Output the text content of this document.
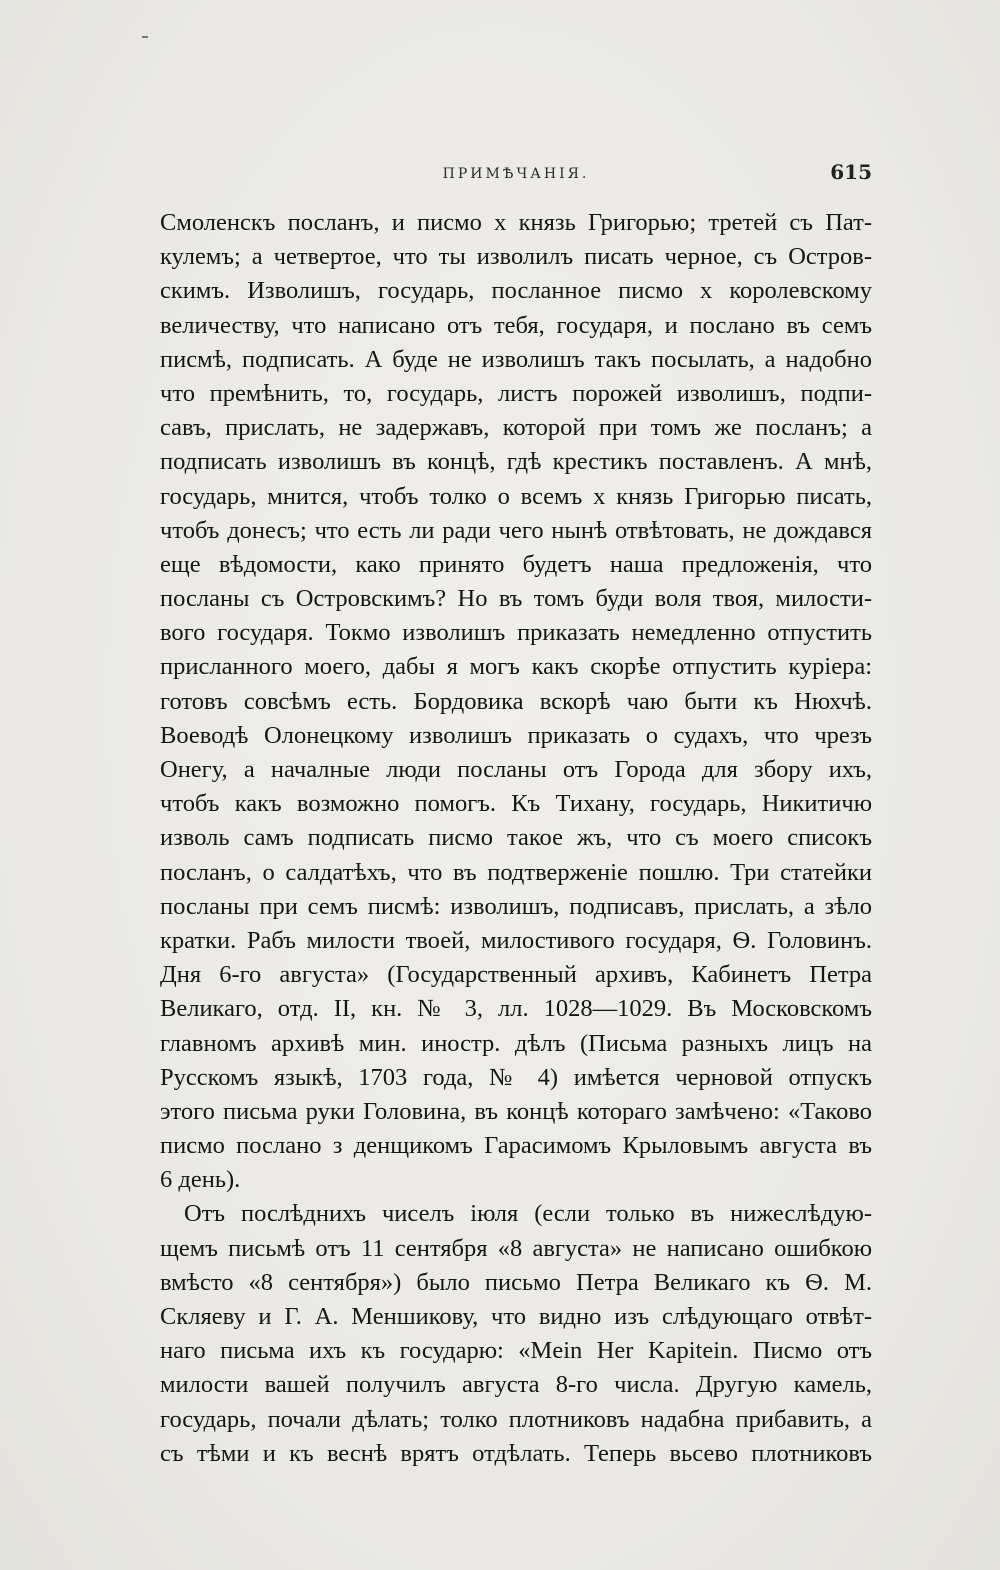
ПРИМѢЧАНІЯ.	615
Смоленскъ посланъ, и писмо х князь Григорью; третей съ Пат-
кулемъ; а четвертое, что ты изволилъ писать черное, съ Остров-
скимъ. Изволишъ, государь, посланное писмо х королевскому
величеству, что написано отъ тебя, государя, и послано въ семъ
писмѣ, подписать. А буде не изволишъ такъ посылать, а надобно
что премѣнить, то, государь, листъ порожей изволишъ, подпи-
савъ, прислать, не задержавъ, которой при томъ же посланъ; а
подписать изволишъ въ концѣ, гдѣ крестикъ поставленъ. А мнѣ,
государь, мнится, чтобъ толко о всемъ х князь Григорью писать,
чтобъ донесъ; что есть ли ради чего нынѣ отвѣтовать, не дождався
еще вѣдомости, како принято будетъ наша предложенія, что
посланы съ Островскимъ? Но въ томъ буди воля твоя, милости-
вого государя. Токмо изволишъ приказать немедленно отпустить
присланного моего, дабы я могъ какъ скорѣе отпустить куріера:
готовъ совсѣмъ есть. Бордовика вскорѣ чаю быти къ Нюхчѣ.
Воеводѣ Олонецкому изволишъ приказать о судахъ, что чрезъ
Онегу, а началные люди посланы отъ Города для збору ихъ,
чтобъ какъ возможно помогъ. Къ Тихану, государь, Никитичю
изволь самъ подписать писмо такое жъ, что съ моего списокъ
посланъ, о салдатѣхъ, что въ подтверженіе пошлю. Три статейки
посланы при семъ писмѣ: изволишъ, подписавъ, прислать, а зѣло
кратки. Рабъ милости твоей, милостивого государя, Ѳ. Головинъ.
Дня 6-го августа» (Государственный архивъ, Кабинетъ Петра
Великаго, отд. II, кн. № 3, лл. 1028—1029. Въ Московскомъ
главномъ архивѣ мин. иностр. дѣлъ (Письма разныхъ лицъ на
Русскомъ языкѣ, 1703 года, № 4) имѣется черновой отпускъ
этого письма руки Головина, въ концѣ котораго замѣчено: «Таково
писмо послано з денщикомъ Гарасимомъ Крыловымъ августа въ
6 день).
Отъ послѣднихъ чиселъ іюля (если только въ нижеслѣдую-
щемъ письмѣ отъ 11 сентября «8 августа» не написано ошибкою
вмѣсто «8 сентября») было письмо Петра Великаго къ Ѳ. М.
Скляеву и Г. А. Меншикову, что видно изъ слѣдующаго отвѣт-
наго письма ихъ къ государю: «Mein Her Kapitein. Писмо отъ
милости вашей получилъ августа 8-го числа. Другую камель,
государь, почали дѣлать; толко плотниковъ надабна прибавить, а
съ тѣми и къ веснѣ врятъ отдѣлать. Теперь вьсево плотниковъ
